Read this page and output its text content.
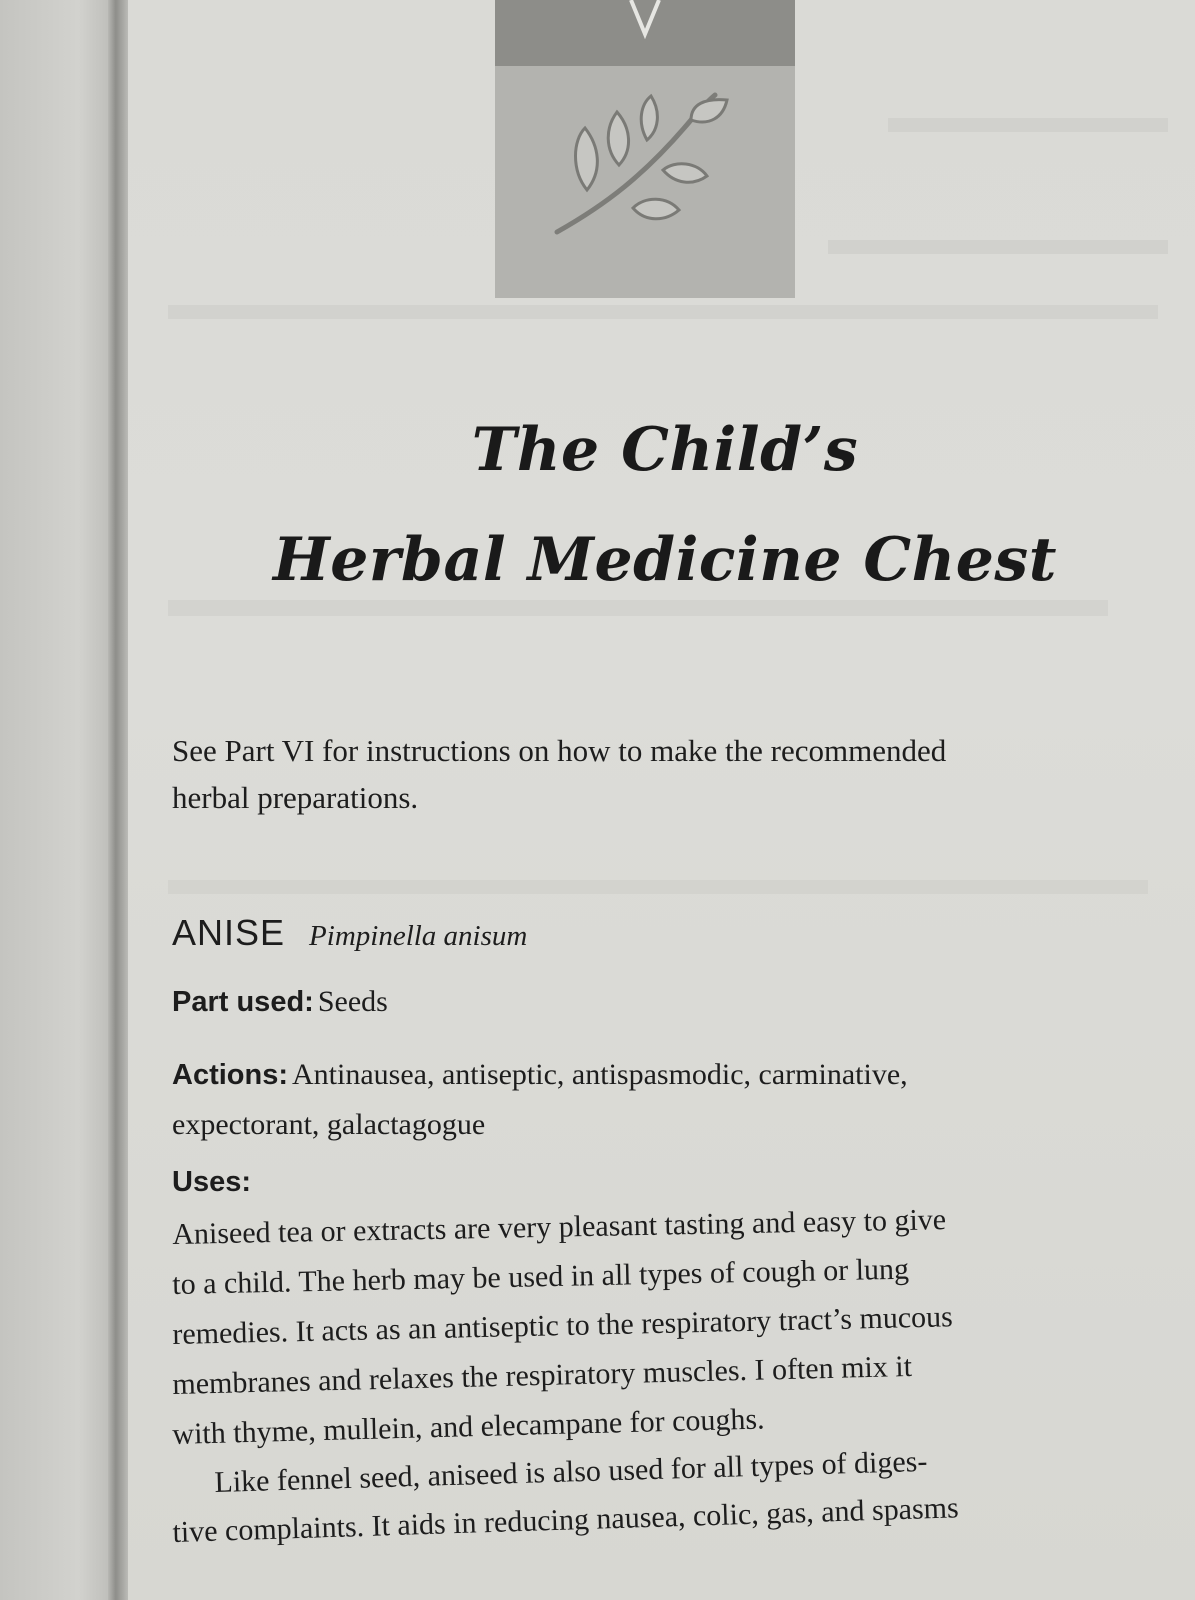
The Child’s
Herbal Medicine Chest
See Part VI for instructions on how to make the recommended
herbal preparations.
ANISE Pimpinella anisum
Part used: Seeds
Actions: Antinausea, antiseptic, antispasmodic, carminative,
expectorant, galactagogue
Uses:
Aniseed tea or extracts are very pleasant tasting and easy to give
to a child. The herb may be used in all types of cough or lung
remedies. It acts as an antiseptic to the respiratory tract’s mucous
membranes and relaxes the respiratory muscles. I often mix it
with thyme, mullein, and elecampane for coughs.
Like fennel seed, aniseed is also used for all types of diges-
tive complaints. It aids in reducing nausea, colic, gas, and spasms
